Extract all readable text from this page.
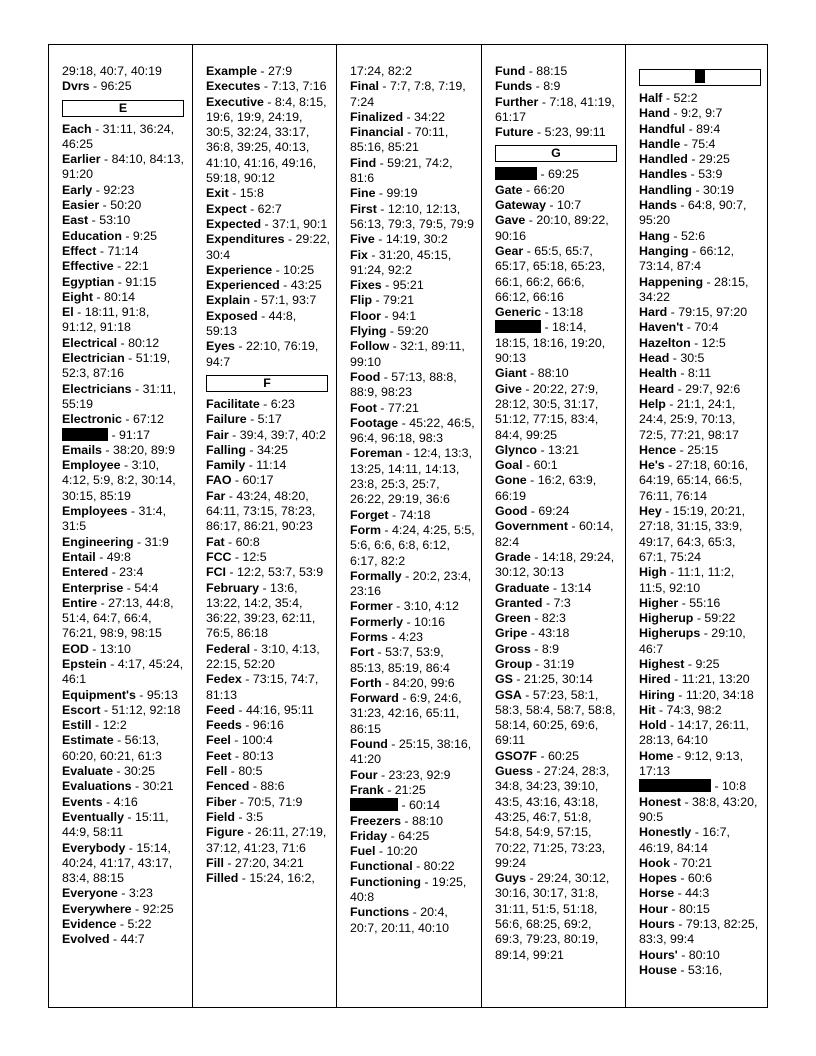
29:18, 40:7, 40:19

Dvrs - 96:25

E

Each - 31:11, 36:24, 46:25

Earlier - 84:10, 84:13, 91:20

Early - 92:23

Easier - 50:20

East - 53:10

Education - 9:25

Effect - 71:14

Effective - 22:1

Egyptian - 91:15

Eight - 80:14

El - 18:11, 91:8, 91:12, 91:18

Electrical - 80:12

Electrician - 51:19, 52:3, 87:16

Electricians - 31:11, 55:19

Electronic - 67:12

- 91:17

Emails - 38:20, 89:9

Employee - 3:10, 4:12, 5:9, 8:2, 30:14, 30:15, 85:19

Employees - 31:4, 31:5

Engineering - 31:9

Entail - 49:8

Entered - 23:4

Enterprise - 54:4

Entire - 27:13, 44:8, 51:4, 64:7, 66:4, 76:21, 98:9, 98:15

EOD - 13:10

Epstein - 4:17, 45:24, 46:1

Equipment's - 95:13

Escort - 51:12, 92:18

Estill - 12:2

Estimate - 56:13, 60:20, 60:21, 61:3

Evaluate - 30:25

Evaluations - 30:21

Events - 4:16

Eventually - 15:11, 44:9, 58:11

Everybody - 15:14, 40:24, 41:17, 43:17, 83:4, 88:15

Everyone - 3:23

Everywhere - 92:25

Evidence - 5:22

Evolved - 44:7

Example - 27:9

Executes - 7:13, 7:16

Executive - 8:4, 8:15, 19:6, 19:9, 24:19, 30:5, 32:24, 33:17, 36:8, 39:25, 40:13, 41:10, 41:16, 49:16, 59:18, 90:12

Exit - 15:8

Expect - 62:7

Expected - 37:1, 90:1

Expenditures - 29:22, 30:4

Experience - 10:25

Experienced - 43:25

Explain - 57:1, 93:7

Exposed - 44:8, 59:13

Eyes - 22:10, 76:19, 94:7

F

Facilitate - 6:23

Failure - 5:17

Fair - 39:4, 39:7, 40:2

Falling - 34:25

Family - 11:14

FAO - 60:17

Far - 43:24, 48:20, 64:11, 73:15, 78:23, 86:17, 86:21, 90:23

Fat - 60:8

FCC - 12:5

FCI - 12:2, 53:7, 53:9

February - 13:6, 13:22, 14:2, 35:4, 36:22, 39:23, 62:11, 76:5, 86:18

Federal - 3:10, 4:13, 22:15, 52:20

Fedex - 73:15, 74:7, 81:13

Feed - 44:16, 95:11

Feeds - 96:16

Feel - 100:4

Feet - 80:13

Fell - 80:5

Fenced - 88:6

Fiber - 70:5, 71:9

Field - 3:5

Figure - 26:11, 27:19, 37:12, 41:23, 71:6

Fill - 27:20, 34:21

Filled - 15:24, 16:2,

17:24, 82:2

Final - 7:7, 7:8, 7:19, 7:24

Finalized - 34:22

Financial - 70:11, 85:16, 85:21

Find - 59:21, 74:2, 81:6

Fine - 99:19

First - 12:10, 12:13, 56:13, 79:3, 79:5, 79:9

Five - 14:19, 30:2

Fix - 31:20, 45:15, 91:24, 92:2

Fixes - 95:21

Flip - 79:21

Floor - 94:1

Flying - 59:20

Follow - 32:1, 89:11, 99:10

Food - 57:13, 88:8, 88:9, 98:23

Foot - 77:21

Footage - 45:22, 46:5, 96:4, 96:18, 98:3

Foreman - 12:4, 13:3, 13:25, 14:11, 14:13, 23:8, 25:3, 25:7, 26:22, 29:19, 36:6

Forget - 74:18

Form - 4:24, 4:25, 5:5, 5:6, 6:6, 6:8, 6:12, 6:17, 82:2

Formally - 20:2, 23:4, 23:16

Former - 3:10, 4:12

Formerly - 10:16

Forms - 4:23

Fort - 53:7, 53:9, 85:13, 85:19, 86:4

Forth - 84:20, 99:6

Forward - 6:9, 24:6, 31:23, 42:16, 65:11, 86:15

Found - 25:15, 38:16, 41:20

Four - 23:23, 92:9

Frank - 21:25

- 60:14

Freezers - 88:10

Friday - 64:25

Fuel - 10:20

Functional - 80:22

Functioning - 19:25, 40:8

Functions - 20:4, 20:7, 20:11, 40:10

Fund - 88:15

Funds - 8:9

Further - 7:18, 41:19, 61:17

Future - 5:23, 99:11

G

- 69:25

Gate - 66:20

Gateway - 10:7

Gave - 20:10, 89:22, 90:16

Gear - 65:5, 65:7, 65:17, 65:18, 65:23, 66:1, 66:2, 66:6, 66:12, 66:16

Generic - 13:18

- 18:14, 18:15, 18:16, 19:20, 90:13

Giant - 88:10

Give - 20:22, 27:9, 28:12, 30:5, 31:17, 51:12, 77:15, 83:4, 84:4, 99:25

Glynco - 13:21

Goal - 60:1

Gone - 16:2, 63:9, 66:19

Good - 69:24

Government - 60:14, 82:4

Grade - 14:18, 29:24, 30:12, 30:13

Graduate - 13:14

Granted - 7:3

Green - 82:3

Gripe - 43:18

Gross - 8:9

Group - 31:19

GS - 21:25, 30:14

GSA - 57:23, 58:1, 58:3, 58:4, 58:7, 58:8, 58:14, 60:25, 69:6, 69:11

GSO7F - 60:25

Guess - 27:24, 28:3, 34:8, 34:23, 39:10, 43:5, 43:16, 43:18, 43:25, 46:7, 51:8, 54:8, 54:9, 57:15, 70:22, 71:25, 73:23, 99:24

Guys - 29:24, 30:12, 30:16, 30:17, 31:8, 31:11, 51:5, 51:18, 56:6, 68:25, 69:2, 69:3, 79:23, 80:19, 89:14, 99:21

Half - 52:2

Hand - 9:2, 9:7

Handful - 89:4

Handle - 75:4

Handled - 29:25

Handles - 53:9

Handling - 30:19

Hands - 64:8, 90:7, 95:20

Hang - 52:6

Hanging - 66:12, 73:14, 87:4

Happening - 28:15, 34:22

Hard - 79:15, 97:20

Haven't - 70:4

Hazelton - 12:5

Head - 30:5

Health - 8:11

Heard - 29:7, 92:6

Help - 21:1, 24:1, 24:4, 25:9, 70:13, 72:5, 77:21, 98:17

Hence - 25:15

He's - 27:18, 60:16, 64:19, 65:14, 66:5, 76:11, 76:14

Hey - 15:19, 20:21, 27:18, 31:15, 33:9, 49:17, 64:3, 65:3, 67:1, 75:24

High - 11:1, 11:2, 11:5, 92:10

Higher - 55:16

Higherup - 59:22

Higherups - 29:10, 46:7

Highest - 9:25

Hired - 11:21, 13:20

Hiring - 11:20, 34:18

Hit - 74:3, 98:2

Hold - 14:17, 26:11, 28:13, 64:10

Home - 9:12, 9:13, 17:13

- 10:8

Honest - 38:8, 43:20, 90:5

Honestly - 16:7, 46:19, 84:14

Hook - 70:21

Hopes - 60:6

Horse - 44:3

Hour - 80:15

Hours - 79:13, 82:25, 83:3, 99:4

Hours' - 80:10

House - 53:16,
